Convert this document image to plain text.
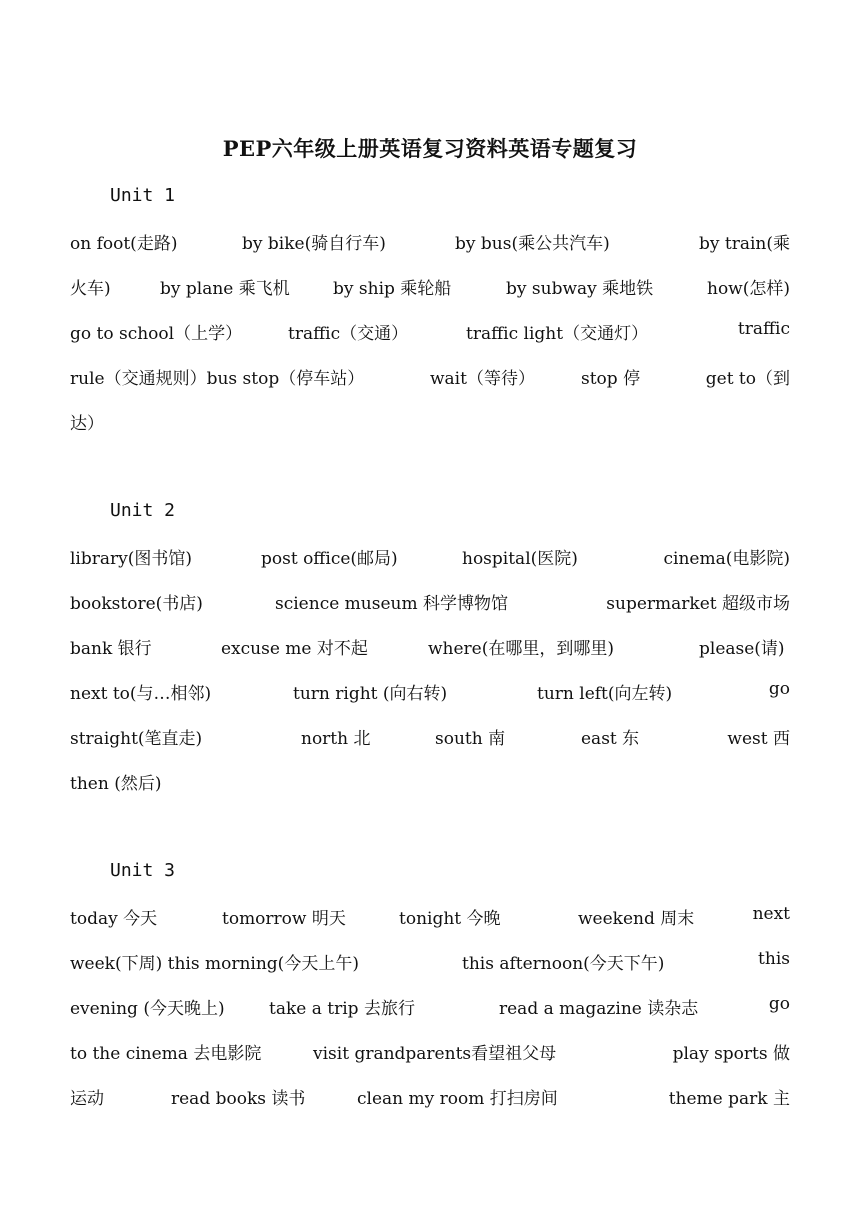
PEP六年级上册英语复习资料英语专题复习
Unit 1
on foot(走路)	by bike(骑自行车)	by bus(乘公共汽车)	by train(乘
火车)	by plane 乘飞机	by ship 乘轮船	by subway 乘地铁	how(怎样)
go to school（上学）	traffic（交通）	traffic light（交通灯）	traffic
rule（交通规则）bus stop（停车站）	wait（等待）	stop 停	get to（到
达）
Unit 2
library(图书馆)	post office(邮局)	hospital(医院)	cinema(电影院)
bookstore(书店)	science museum 科学博物馆	supermarket 超级市场
bank 银行	excuse me 对不起	where(在哪里，到哪里)	please(请)
next to(与…相邻)	turn right (向右转)	turn left(向左转)	go
straight(笔直走)	north 北	south 南	east 东	west 西
then (然后)
Unit 3
today 今天	tomorrow 明天	tonight 今晚	weekend 周末	next
week(下周) this morning(今天上午)	this afternoon(今天下午)	this
evening (今天晚上)	take a trip 去旅行	read a magazine 读杂志	go
to the cinema 去电影院	visit grandparents看望祖父母	play sports 做
运动	read books 读书	clean my room 打扫房间	theme park 主
